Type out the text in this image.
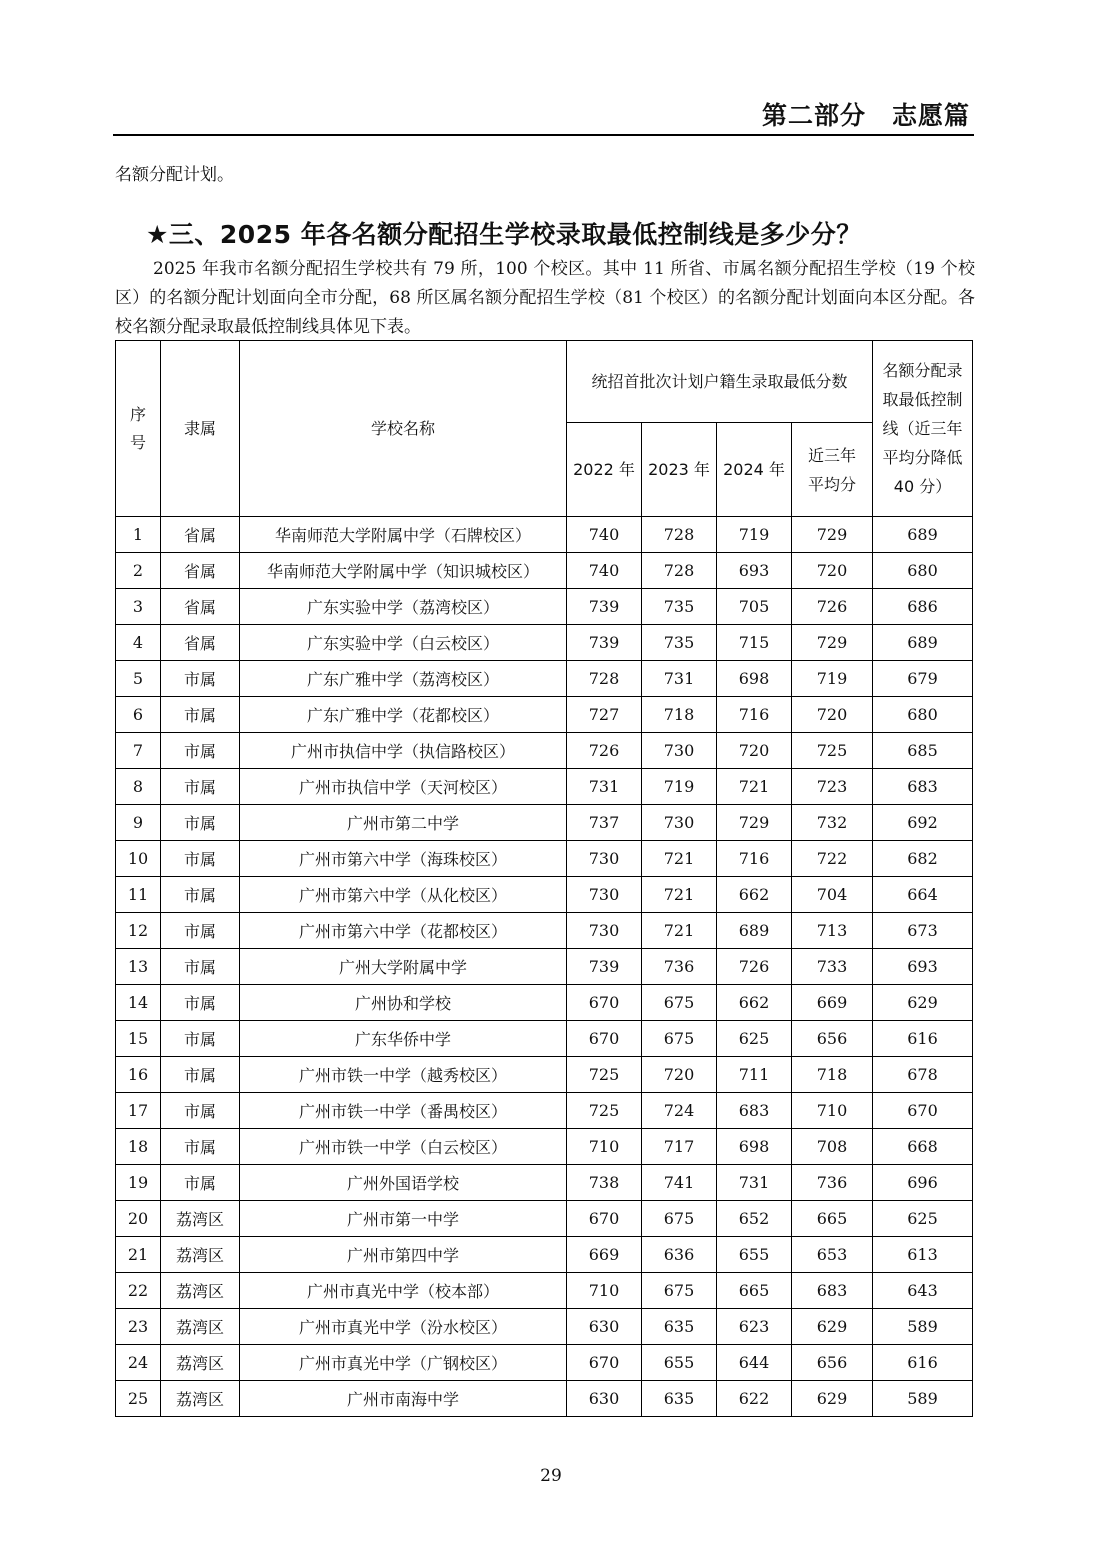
第二部分　志愿篇
名额分配计划。
★三、2025 年各名额分配招生学校录取最低控制线是多少分？

2025 年我市名额分配招生学校共有 79 所，100 个校区。其中 11 所省、市属名额分配招生学校（19 个校区）的名额分配计划面向全市分配，68 所区属名额分配招生学校（81 个校区）的名额分配计划面向本区分配。各校名额分配录取最低控制线具体见下表。

序号	隶属	学校名称	统招首批次计划户籍生录取最低分数				名额分配录取最低控制线（近三年平均分降低 40 分）
			2022 年	2023 年	2024 年	近三年平均分	
1	省属	华南师范大学附属中学（石牌校区）	740	728	719	729	689
2	省属	华南师范大学附属中学（知识城校区）	740	728	693	720	680
3	省属	广东实验中学（荔湾校区）	739	735	705	726	686
4	省属	广东实验中学（白云校区）	739	735	715	729	689
5	市属	广东广雅中学（荔湾校区）	728	731	698	719	679
6	市属	广东广雅中学（花都校区）	727	718	716	720	680
7	市属	广州市执信中学（执信路校区）	726	730	720	725	685
8	市属	广州市执信中学（天河校区）	731	719	721	723	683
9	市属	广州市第二中学	737	730	729	732	692
10	市属	广州市第六中学（海珠校区）	730	721	716	722	682
11	市属	广州市第六中学（从化校区）	730	721	662	704	664
12	市属	广州市第六中学（花都校区）	730	721	689	713	673
13	市属	广州大学附属中学	739	736	726	733	693
14	市属	广州协和学校	670	675	662	669	629
15	市属	广东华侨中学	670	675	625	656	616
16	市属	广州市铁一中学（越秀校区）	725	720	711	718	678
17	市属	广州市铁一中学（番禺校区）	725	724	683	710	670
18	市属	广州市铁一中学（白云校区）	710	717	698	708	668
19	市属	广州外国语学校	738	741	731	736	696
20	荔湾区	广州市第一中学	670	675	652	665	625
21	荔湾区	广州市第四中学	669	636	655	653	613
22	荔湾区	广州市真光中学（校本部）	710	675	665	683	643
23	荔湾区	广州市真光中学（汾水校区）	630	635	623	629	589
24	荔湾区	广州市真光中学（广钢校区）	670	655	644	656	616
25	荔湾区	广州市南海中学	630	635	622	629	589
29
